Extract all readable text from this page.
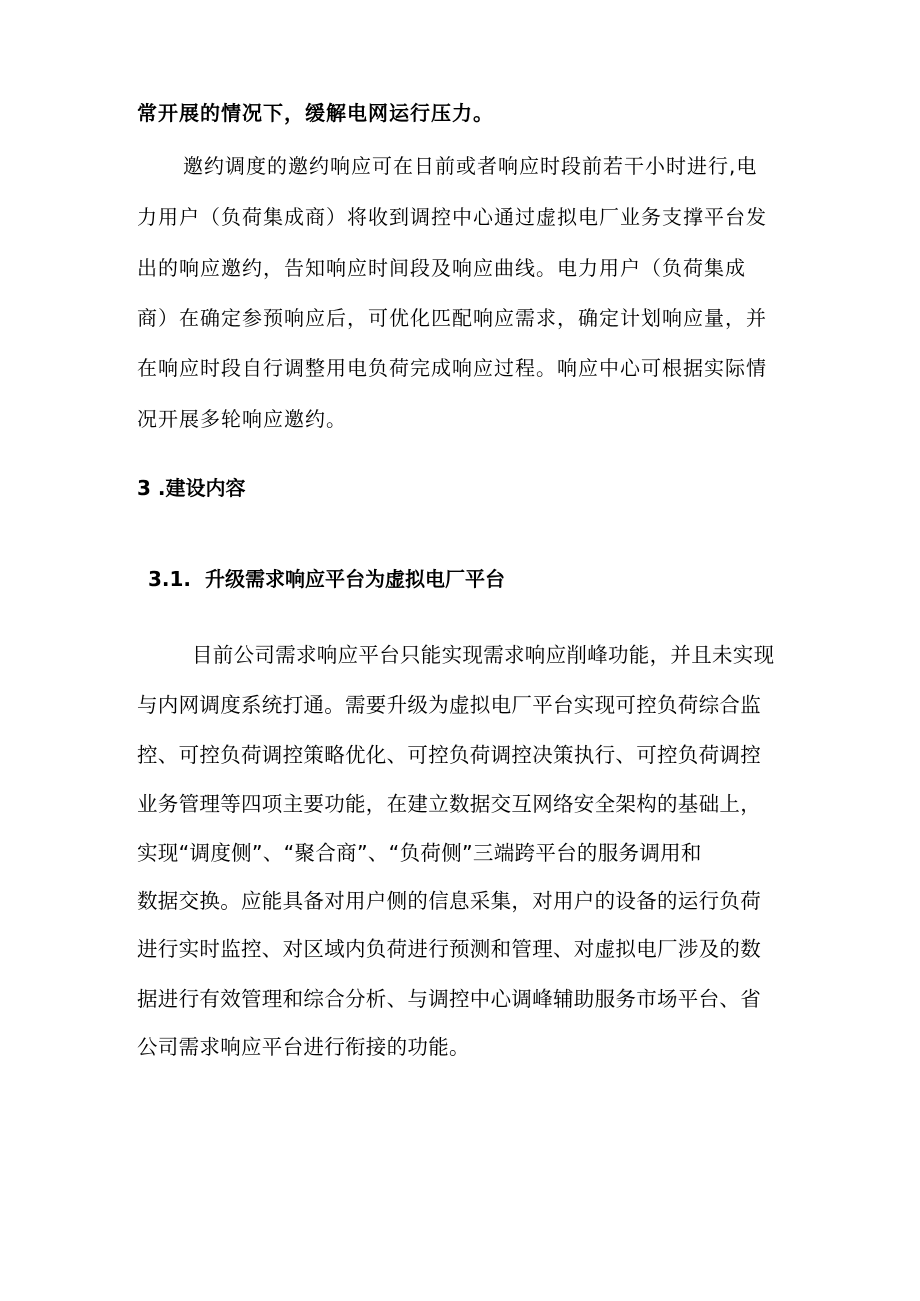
常开展的情况下，缓解电网运行压力。

邀约调度的邀约响应可在日前或者响应时段前若干小时进行,电

力用户（负荷集成商）将收到调控中心通过虚拟电厂业务支撑平台发

出的响应邀约，告知响应时间段及响应曲线。电力用户（负荷集成

商）在确定参预响应后，可优化匹配响应需求，确定计划响应量，并

在响应时段自行调整用电负荷完成响应过程。响应中心可根据实际情

况开展多轮响应邀约。

3 .建设内容
3.1.  升级需求响应平台为虚拟电厂平台

目前公司需求响应平台只能实现需求响应削峰功能，并且未实现

与内网调度系统打通。需要升级为虚拟电厂平台实现可控负荷综合监

控、可控负荷调控策略优化、可控负荷调控决策执行、可控负荷调控

业务管理等四项主要功能，在建立数据交互网络安全架构的基础上，

实现“调度侧”、“聚合商”、“负荷侧”三端跨平台的服务调用和

数据交换。应能具备对用户侧的信息采集，对用户的设备的运行负荷

进行实时监控、对区域内负荷进行预测和管理、对虚拟电厂涉及的数

据进行有效管理和综合分析、与调控中心调峰辅助服务市场平台、省

公司需求响应平台进行衔接的功能。
